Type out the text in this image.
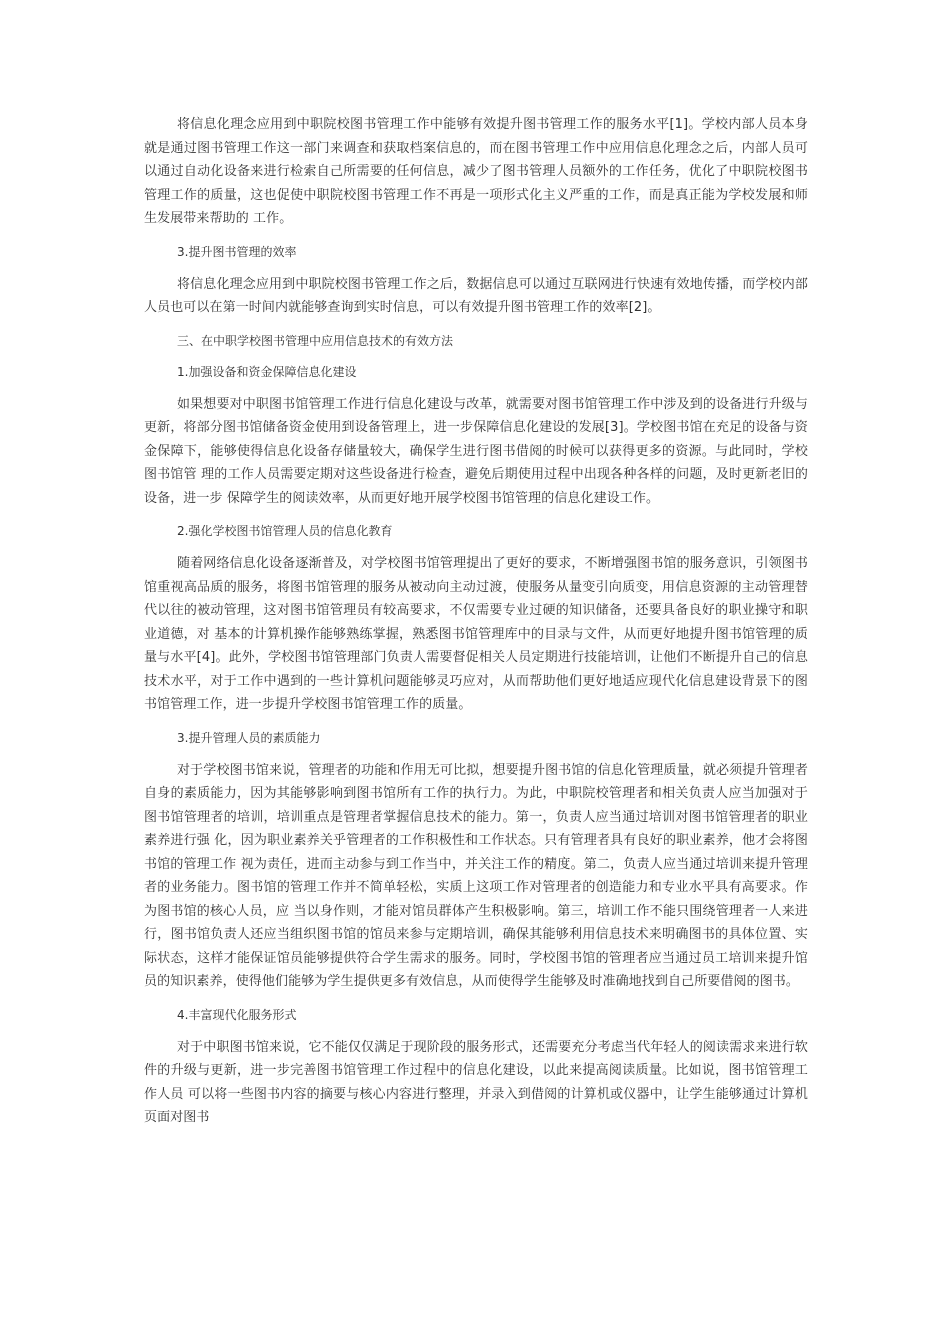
将信息化理念应用到中职院校图书管理工作中能够有效提升图书管理工作的服务水平[1]。学校内部人员本身就是通过图书管理工作这一部门来调查和获取档案信息的，而在图书管理工作中应用信息化理念之后，内部人员可以通过自动化设备来进行检索自己所需要的任何信息，减少了图书管理人员额外的工作任务，优化了中职院校图书管理工作的质量，这也促使中职院校图书管理工作不再是一项形式化主义严重的工作，而是真正能为学校发展和师生发展带来帮助的 工作。

3.提升图书管理的效率

将信息化理念应用到中职院校图书管理工作之后，数据信息可以通过互联网进行快速有效地传播，而学校内部人员也可以在第一时间内就能够查询到实时信息，可以有效提升图书管理工作的效率[2]。

三、在中职学校图书管理中应用信息技术的有效方法
1.加强设备和资金保障信息化建设

如果想要对中职图书馆管理工作进行信息化建设与改革，就需要对图书馆管理工作中涉及到的设备进行升级与更新，将部分图书馆储备资金使用到设备管理上，进一步保障信息化建设的发展[3]。学校图书馆在充足的设备与资金保障下，能够使得信息化设备存储量较大，确保学生进行图书借阅的时候可以获得更多的资源。与此同时，学校图书馆管 理的工作人员需要定期对这些设备进行检查，避免后期使用过程中出现各种各样的问题，及时更新老旧的设备，进一步 保障学生的阅读效率，从而更好地开展学校图书馆管理的信息化建设工作。

2.强化学校图书馆管理人员的信息化教育

随着网络信息化设备逐渐普及，对学校图书馆管理提出了更好的要求，不断增强图书馆的服务意识，引领图书馆重视高品质的服务，将图书馆管理的服务从被动向主动过渡，使服务从量变引向质变，用信息资源的主动管理替代以往的被动管理，这对图书馆管理员有较高要求，不仅需要专业过硬的知识储备，还要具备良好的职业操守和职业道德，对 基本的计算机操作能够熟练掌握，熟悉图书馆管理库中的目录与文件，从而更好地提升图书馆管理的质量与水平[4]。此外，学校图书馆管理部门负责人需要督促相关人员定期进行技能培训，让他们不断提升自己的信息技术水平，对于工作中遇到的一些计算机问题能够灵巧应对，从而帮助他们更好地适应现代化信息建设背景下的图书馆管理工作，进一步提升学校图书馆管理工作的质量。

3.提升管理人员的素质能力

对于学校图书馆来说，管理者的功能和作用无可比拟，想要提升图书馆的信息化管理质量，就必须提升管理者自身的素质能力，因为其能够影响到图书馆所有工作的执行力。为此，中职院校管理者和相关负责人应当加强对于图书馆管理者的培训，培训重点是管理者掌握信息技术的能力。第一，负责人应当通过培训对图书馆管理者的职业素养进行强 化，因为职业素养关乎管理者的工作积极性和工作状态。只有管理者具有良好的职业素养，他才会将图书馆的管理工作 视为责任，进而主动参与到工作当中，并关注工作的精度。第二，负责人应当通过培训来提升管理者的业务能力。图书馆的管理工作并不简单轻松，实质上这项工作对管理者的创造能力和专业水平具有高要求。作为图书馆的核心人员，应 当以身作则，才能对馆员群体产生积极影响。第三，培训工作不能只围绕管理者一人来进行，图书馆负责人还应当组织图书馆的馆员来参与定期培训，确保其能够利用信息技术来明确图书的具体位置、实际状态，这样才能保证馆员能够提供符合学生需求的服务。同时，学校图书馆的管理者应当通过员工培训来提升馆员的知识素养，使得他们能够为学生提供更多有效信息，从而使得学生能够及时准确地找到自己所要借阅的图书。

4.丰富现代化服务形式

对于中职图书馆来说，它不能仅仅满足于现阶段的服务形式，还需要充分考虑当代年轻人的阅读需求来进行软件的升级与更新，进一步完善图书馆管理工作过程中的信息化建设，以此来提高阅读质量。比如说，图书馆管理工作人员 可以将一些图书内容的摘要与核心内容进行整理，并录入到借阅的计算机或仪器中，让学生能够通过计算机页面对图书
